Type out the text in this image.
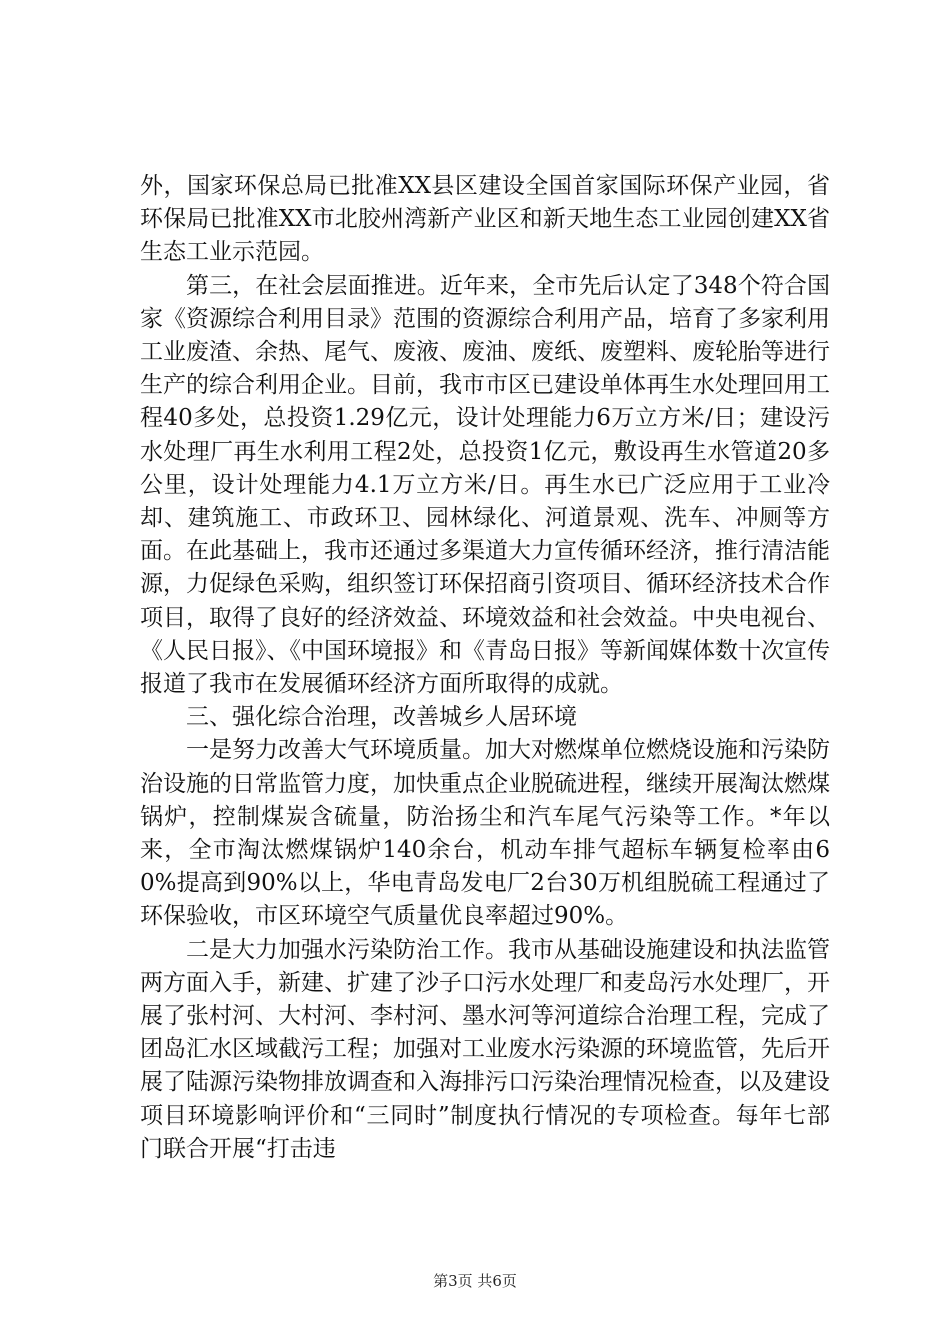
外，国家环保总局已批准XX县区建设全国首家国际环保产业园，省环保局已批准XX市北胶州湾新产业区和新天地生态工业园创建XX省生态工业示范园。

第三，在社会层面推进。近年来，全市先后认定了348个符合国家《资源综合利用目录》范围的资源综合利用产品，培育了多家利用工业废渣、余热、尾气、废液、废油、废纸、废塑料、废轮胎等进行生产的综合利用企业。目前，我市市区已建设单体再生水处理回用工程40多处，总投资1.29亿元，设计处理能力6万立方米/日；建设污水处理厂再生水利用工程2处，总投资1亿元，敷设再生水管道20多公里，设计处理能力4.1万立方米/日。再生水已广泛应用于工业冷却、建筑施工、市政环卫、园林绿化、河道景观、洗车、冲厕等方面。在此基础上，我市还通过多渠道大力宣传循环经济，推行清洁能源，力促绿色采购，组织签订环保招商引资项目、循环经济技术合作项目，取得了良好的经济效益、环境效益和社会效益。中央电视台、《人民日报》、《中国环境报》和《青岛日报》等新闻媒体数十次宣传报道了我市在发展循环经济方面所取得的成就。

三、强化综合治理，改善城乡人居环境

一是努力改善大气环境质量。加大对燃煤单位燃烧设施和污染防治设施的日常监管力度，加快重点企业脱硫进程，继续开展淘汰燃煤锅炉，控制煤炭含硫量，防治扬尘和汽车尾气污染等工作。*年以来，全市淘汰燃煤锅炉140余台，机动车排气超标车辆复检率由60%提高到90%以上，华电青岛发电厂2台30万机组脱硫工程通过了环保验收，市区环境空气质量优良率超过90%。

二是大力加强水污染防治工作。我市从基础设施建设和执法监管两方面入手，新建、扩建了沙子口污水处理厂和麦岛污水处理厂，开展了张村河、大村河、李村河、墨水河等河道综合治理工程，完成了团岛汇水区域截污工程；加强对工业废水污染源的环境监管，先后开展了陆源污染物排放调查和入海排污口污染治理情况检查，以及建设项目环境影响评价和“三同时”制度执行情况的专项检查。每年七部门联合开展“打击违

第3页 共6页
